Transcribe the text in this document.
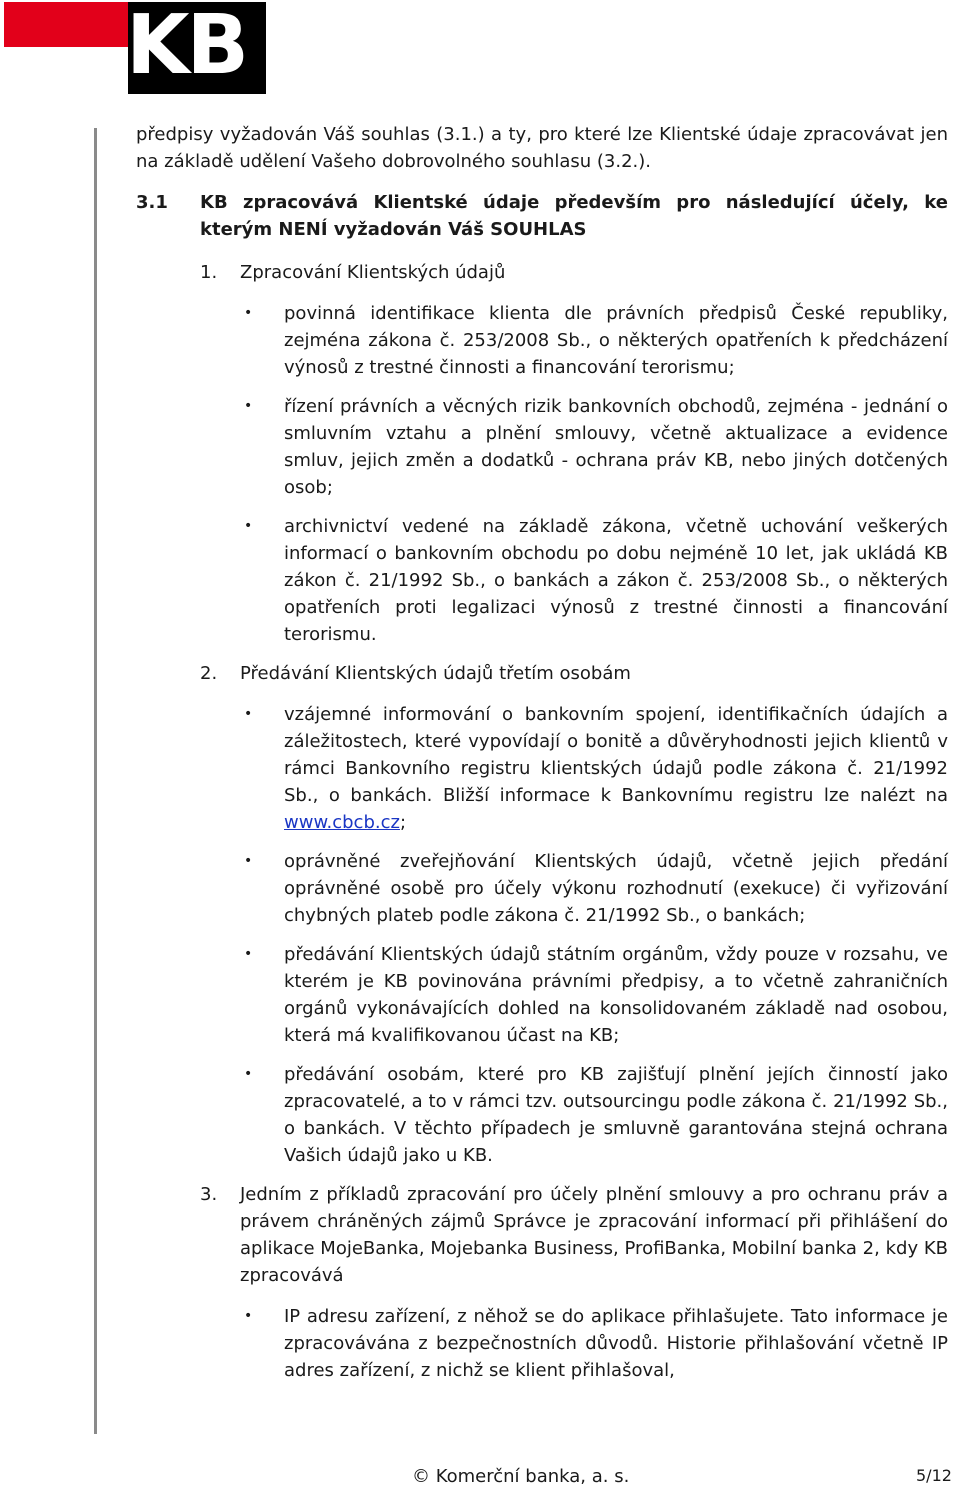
KB

předpisy vyžadován Váš souhlas (3.1.) a ty, pro které lze Klientské údaje zpracovávat jen na základě udělení Vašeho dobrovolného souhlasu (3.2.).

3.1 KB zpracovává Klientské údaje především pro následující účely, ke kterým NENÍ vyžadován Váš SOUHLAS

1. Zpracování Klientských údajů

• povinná identifikace klienta dle právních předpisů České republiky, zejména zákona č. 253/2008 Sb., o některých opatřeních k předcházení výnosů z trestné činnosti a financování terorismu;
• řízení právních a věcných rizik bankovních obchodů, zejména - jednání o smluvním vztahu a plnění smlouvy, včetně aktualizace a evidence smluv, jejich změn a dodatků - ochrana práv KB, nebo jiných dotčených osob;
• archivnictví vedené na základě zákona, včetně uchování veškerých informací o bankovním obchodu po dobu nejméně 10 let, jak ukládá KB zákon č. 21/1992 Sb., o bankách a zákon č. 253/2008 Sb., o některých opatřeních proti legalizaci výnosů z trestné činnosti a financování terorismu.

2. Předávání Klientských údajů třetím osobám

• vzájemné informování o bankovním spojení, identifikačních údajích a záležitostech, které vypovídají o bonitě a důvěryhodnosti jejich klientů v rámci Bankovního registru klientských údajů podle zákona č. 21/1992 Sb., o bankách. Bližší informace k Bankovnímu registru lze nalézt na www.cbcb.cz;
• oprávněné zveřejňování Klientských údajů, včetně jejich předání oprávněné osobě pro účely výkonu rozhodnutí (exekuce) či vyřizování chybných plateb podle zákona č. 21/1992 Sb., o bankách;
• předávání Klientských údajů státním orgánům, vždy pouze v rozsahu, ve kterém je KB povinována právními předpisy, a to včetně zahraničních orgánů vykonávajících dohled na konsolidovaném základě nad osobou, která má kvalifikovanou účast na KB;
• předávání osobám, které pro KB zajišťují plnění jejích činností jako zpracovatelé, a to v rámci tzv. outsourcingu podle zákona č. 21/1992 Sb., o bankách. V těchto případech je smluvně garantována stejná ochrana Vašich údajů jako u KB.

3. Jedním z příkladů zpracování pro účely plnění smlouvy a pro ochranu práv a právem chráněných zájmů Správce je zpracování informací při přihlášení do aplikace MojeBanka, Mojebanka Business, ProfiBanka, Mobilní banka 2, kdy KB zpracovává

• IP adresu zařízení, z něhož se do aplikace přihlašujete. Tato informace je zpracovávána z bezpečnostních důvodů. Historie přihlašování včetně IP adres zařízení, z nichž se klient přihlašoval,
© Komerční banka, a. s.	5/12
